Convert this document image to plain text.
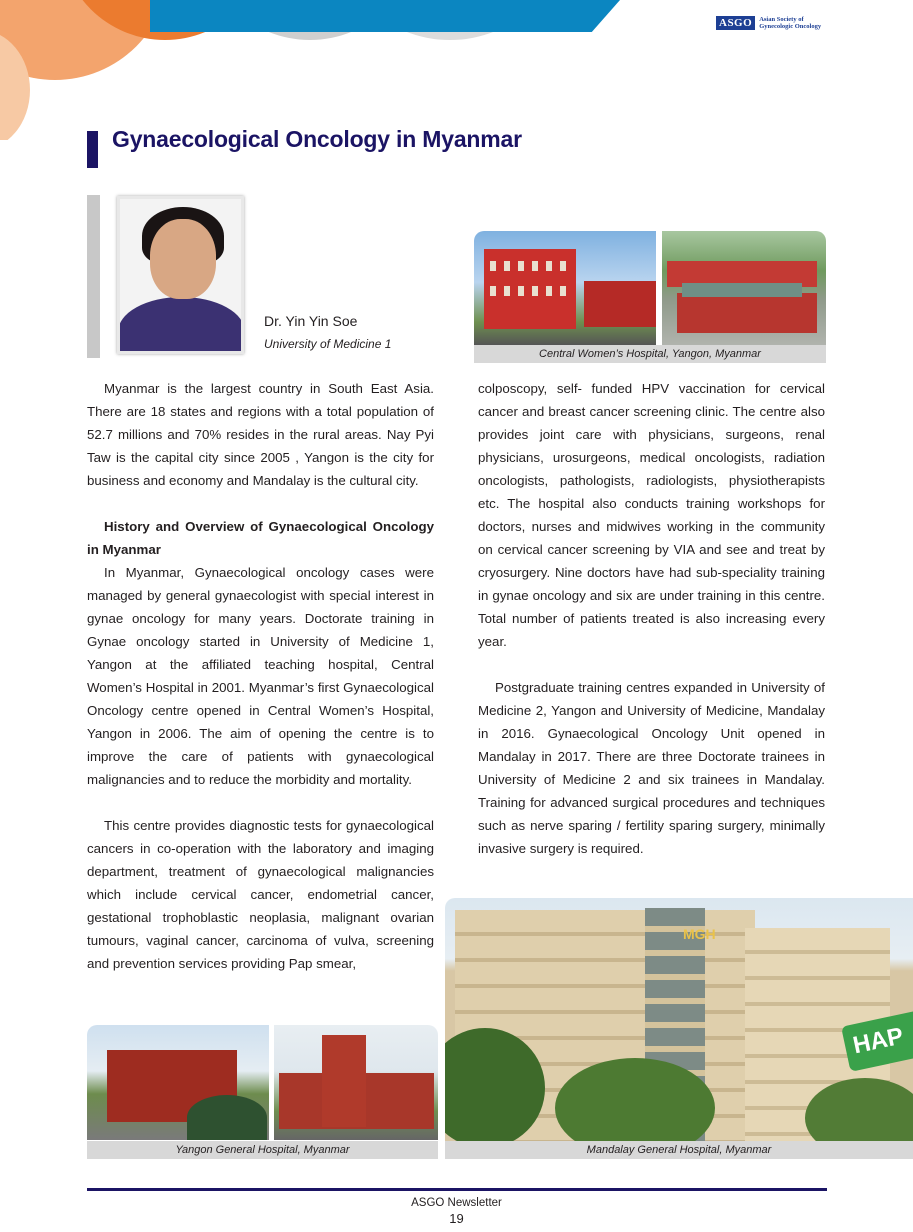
ASGO	Asian Society of
Gynecologic Oncology
Gynaecological Oncology in Myanmar
Dr. Yin Yin Soe
University of Medicine 1
Central Women’s Hospital, Yangon, Myanmar

Myanmar is the largest country in South East Asia. There are 18 states and regions with a total population of 52.7 millions and 70% resides in the rural areas. Nay Pyi Taw is the capital city since 2005 , Yangon is the city for business and economy and Mandalay is the cultural city.

History and Overview of Gynaecological Oncology in Myanmar

In Myanmar, Gynaecological oncology cases were managed by general gynaecologist with special interest in gynae oncology for many years. Doctorate training in Gynae oncology started in University of Medicine 1, Yangon at the affiliated teaching hospital, Central Women’s Hospital in 2001. Myanmar’s first Gynaecological Oncology centre opened in Central Women’s Hospital, Yangon in 2006. The aim of opening the centre is to improve the care of patients with gynaecological malignancies and to reduce the morbidity and mortality.

This centre provides diagnostic tests for gynaecological cancers in co-operation with the laboratory and imaging department, treatment of gynaecological malignancies which include cervical cancer, endometrial cancer, gestational trophoblastic neoplasia, malignant ovarian tumours, vaginal cancer, carcinoma of vulva, screening and prevention services providing Pap smear,

colposcopy, self- funded HPV vaccination for cervical cancer and breast cancer screening clinic. The centre also provides joint care with physicians, surgeons, renal physicians, urosurgeons, medical oncologists, radiation oncologists, pathologists, radiologists, physiotherapists etc. The hospital also conducts training workshops for doctors, nurses and midwives working in the community on cervical cancer screening by VIA and see and treat by cryosurgery. Nine doctors have had sub-speciality training in gynae oncology and six are under training in this centre. Total number of patients treated is also increasing every year.

Postgraduate training centres expanded in University of Medicine 2, Yangon and University of Medicine, Mandalay in 2016. Gynaecological Oncology Unit opened in Mandalay in 2017. There are three Doctorate trainees in University of Medicine 2 and six trainees in Mandalay. Training for advanced surgical procedures and techniques such as nerve sparing / fertility sparing surgery, minimally invasive surgery is required.

MGH
HAP
Mandalay General Hospital, Myanmar
Yangon General Hospital, Myanmar
ASGO Newsletter
19
